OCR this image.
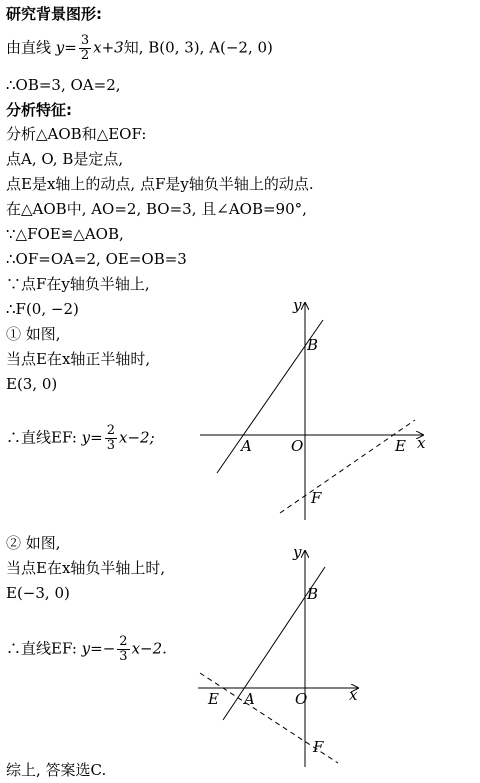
研究背景图形:
由直线 $y= \frac{3}{2} x+3$知, B(0, 3), A(−2, 0)
∴OB=3, OA=2,
分析特征:
分析△AOB和△EOF:
点A, O, B是定点,
点E是x轴上的动点, 点F是y轴负半轴上的动点.
在△AOB中, AO=2, BO=3, 且∠AOB=90°,
∵△FOE≌△AOB,
∴OF=OA=2, OE=OB=3
∵点F在y轴负半轴上,
∴F(0, −2)
① 如图,
当点E在x轴正半轴时,
E(3, 0)
∴直线EF: $y= \frac{2}{3} x-2$;
y
x
O
A
B
E
F
② 如图,
当点E在x轴负半轴上时,
E(−3, 0)
∴直线EF: $y=- \frac{2}{3} x-2$.
y
x
O
A
B
E
F
综上, 答案选C.
